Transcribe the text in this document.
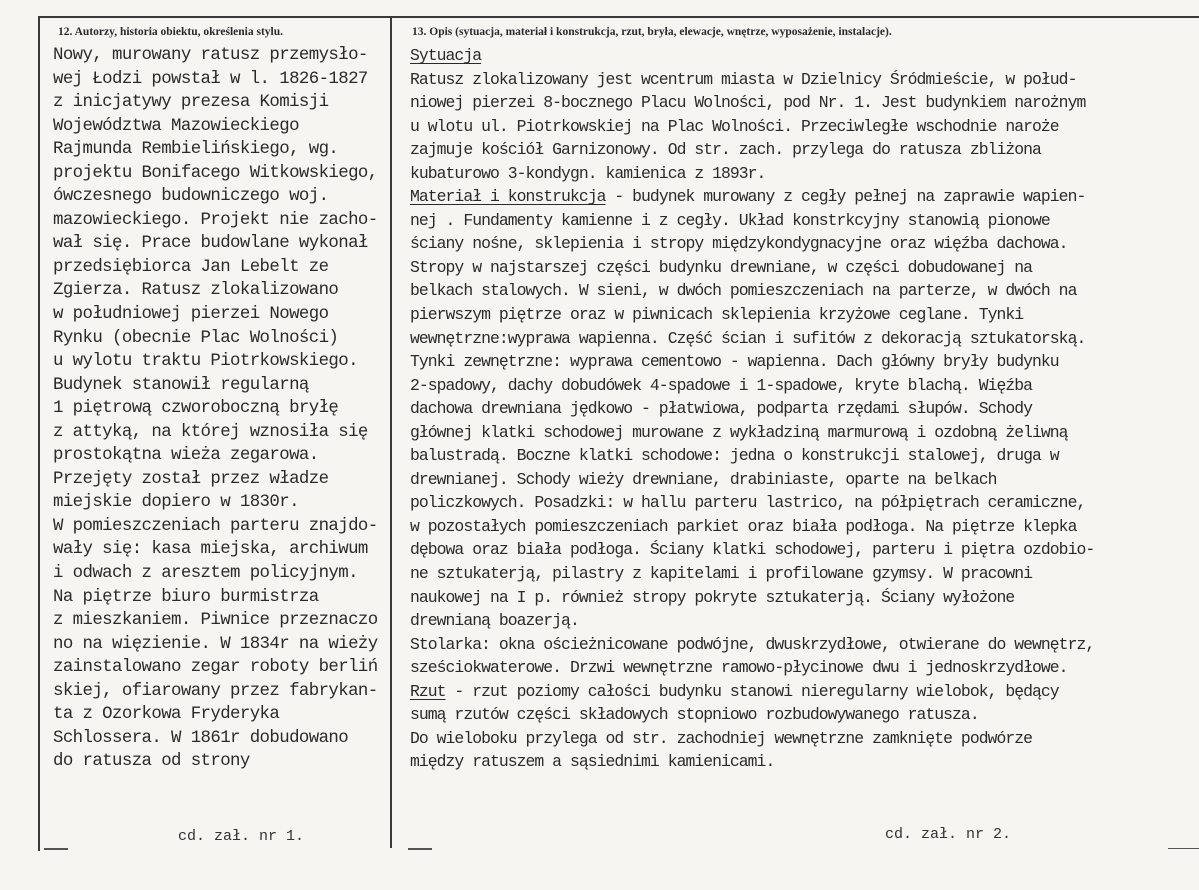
12. Autorzy, historia obiektu, określenia stylu.	13. Opis (sytuacja, materiał i konstrukcja, rzut, bryła, elewacje, wnętrze, wyposażenie, instalacje).
Nowy, murowany ratusz przemysło-
wej Łodzi powstał w l. 1826-1827
z inicjatywy prezesa Komisji
Województwa Mazowieckiego
Rajmunda Rembielińskiego, wg.
projektu Bonifacego Witkowskiego,
ówczesnego budowniczego woj.
mazowieckiego. Projekt nie zacho-
wał się. Prace budowlane wykonał
przedsiębiorca Jan Lebelt ze
Zgierza. Ratusz zlokalizowano
w południowej pierzei Nowego
Rynku (obecnie Plac Wolności)
u wylotu traktu Piotrkowskiego.
Budynek stanowił regularną
1 piętrową czworoboczną bryłę
z attyką, na której wznosiła się
prostokątna wieża zegarowa.
Przejęty został przez władze
miejskie dopiero w 1830r.
W pomieszczeniach parteru znajdo-
wały się: kasa miejska, archiwum
i odwach z aresztem policyjnym.
Na piętrze biuro burmistrza
z mieszkaniem. Piwnice przeznaczo
no na więzienie. W 1834r na wieży
zainstalowano zegar roboty berliń
skiej, ofiarowany przez fabrykan-
ta z Ozorkowa Fryderyka
Schlossera. W 1861r dobudowano
do ratusza od strony
Sytuacja
Ratusz zlokalizowany jest wcentrum miasta w Dzielnicy Śródmieście, w połud-
niowej pierzei 8-bocznego Placu Wolności, pod Nr. 1. Jest budynkiem narożnym
u wlotu ul. Piotrkowskiej na Plac Wolności. Przeciwległe wschodnie naroże
zajmuje kościół Garnizonowy. Od str. zach. przylega do ratusza zbliżona
kubaturowo 3-kondygn. kamienica z 1893r.
Materiał i konstrukcja - budynek murowany z cegły pełnej na zaprawie wapien-
nej . Fundamenty kamienne i z cegły. Układ konstrkcyjny stanowią pionowe
ściany nośne, sklepienia i stropy międzykondygnacyjne oraz więźba dachowa.
Stropy w najstarszej części budynku drewniane, w części dobudowanej na
belkach stalowych. W sieni, w dwóch pomieszczeniach na parterze, w dwóch na
pierwszym piętrze oraz w piwnicach sklepienia krzyżowe ceglane. Tynki
wewnętrzne:wyprawa wapienna. Część ścian i sufitów z dekoracją sztukatorską.
Tynki zewnętrzne: wyprawa cementowo - wapienna. Dach główny bryły budynku
2-spadowy, dachy dobudówek 4-spadowe i 1-spadowe, kryte blachą. Więźba
dachowa drewniana jędkowo - płatwiowa, podparta rzędami słupów. Schody
głównej klatki schodowej murowane z wykładziną marmurową i ozdobną żeliwną
balustradą. Boczne klatki schodowe: jedna o konstrukcji stalowej, druga w
drewnianej. Schody wieży drewniane, drabiniaste, oparte na belkach
policzkowych. Posadzki: w hallu parteru lastrico, na półpiętrach ceramiczne,
w pozostałych pomieszczeniach parkiet oraz biała podłoga. Na piętrze klepka
dębowa oraz biała podłoga. Ściany klatki schodowej, parteru i piętra ozdobio-
ne sztukaterją, pilastry z kapitelami i profilowane gzymsy. W pracowni
naukowej na I p. również stropy pokryte sztukaterją. Ściany wyłożone
drewnianą boazerją.
Stolarka: okna ościeżnicowane podwójne, dwuskrzydłowe, otwierane do wewnętrz,
sześciokwaterowe. Drzwi wewnętrzne ramowo-płycinowe dwu i jednoskrzydłowe.
Rzut - rzut poziomy całości budynku stanowi nieregularny wielobok, będący
sumą rzutów części składowych stopniowo rozbudowywanego ratusza.
Do wieloboku przylega od str. zachodniej wewnętrzne zamknięte podwórze
między ratuszem a sąsiednimi kamienicami.
cd. zał. nr 1.	cd. zał. nr 2.
